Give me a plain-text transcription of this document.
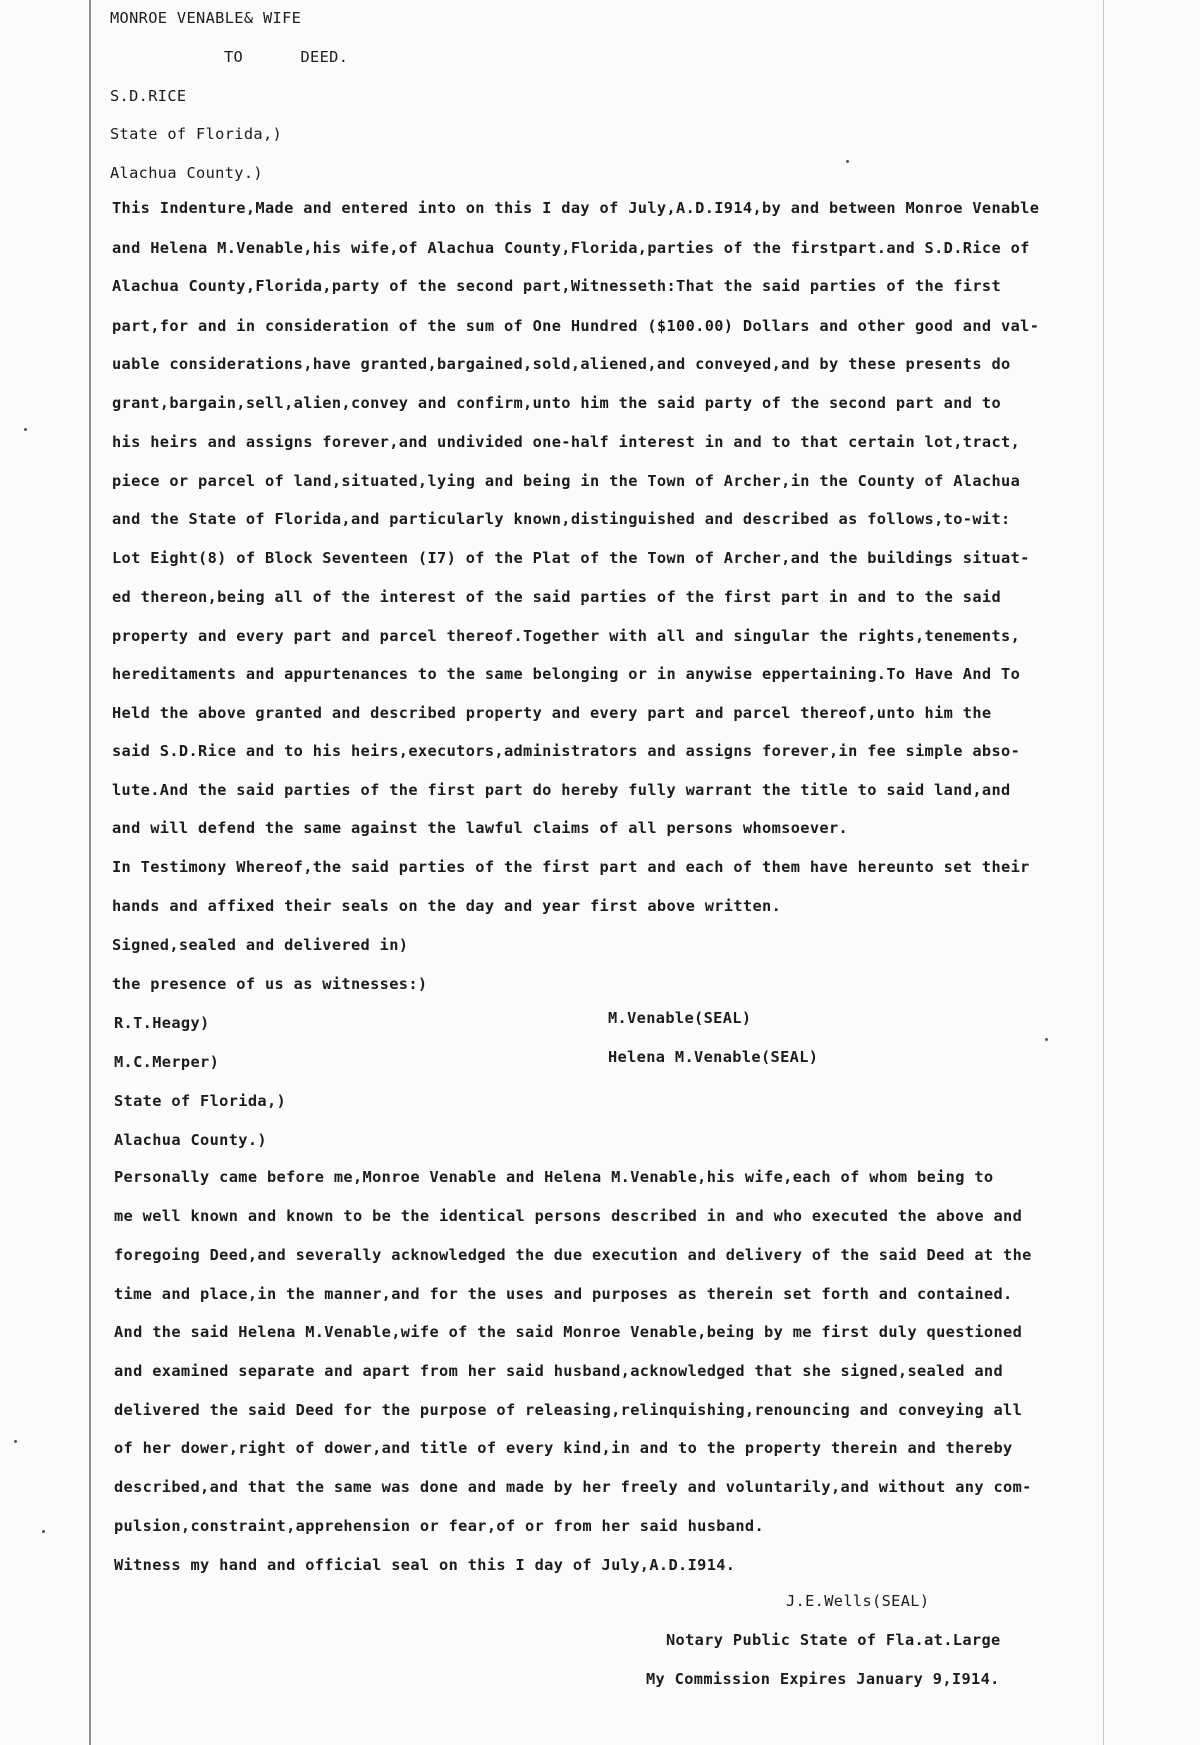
MONROE VENABLE& WIFE
TO      DEED.
S.D.RICE
State of Florida,)
Alachua County.)
This Indenture,Made and entered into on this I day of July,A.D.I914,by and between Monroe Venable
and Helena M.Venable,his wife,of Alachua County,Florida,parties of the firstpart.and S.D.Rice of
Alachua County,Florida,party of the second part,Witnesseth:That the said parties of the first
part,for and in consideration of the sum of One Hundred ($100.00) Dollars and other good and val-
uable considerations,have granted,bargained,sold,aliened,and conveyed,and by these presents do
grant,bargain,sell,alien,convey and confirm,unto him the said party of the second part and to
his heirs and assigns forever,and undivided one-half interest in and to that certain lot,tract,
piece or parcel of land,situated,lying and being in the Town of Archer,in the County of Alachua
and the State of Florida,and particularly known,distinguished and described as follows,to-wit:
Lot Eight(8) of Block Seventeen (I7) of the Plat of the Town of Archer,and the buildings situat-
ed thereon,being all of the interest of the said parties of the first part in and to the said
property and every part and parcel thereof.Together with all and singular the rights,tenements,
hereditaments and appurtenances to the same belonging or in anywise eppertaining.To Have And To
Held the above granted and described property and every part and parcel thereof,unto him the
said S.D.Rice and to his heirs,executors,administrators and assigns forever,in fee simple abso-
lute.And the said parties of the first part do hereby fully warrant the title to said land,and
and will defend the same against the lawful claims of all persons whomsoever.
In Testimony Whereof,the said parties of the first part and each of them have hereunto set their
hands and affixed their seals on the day and year first above written.
Signed,sealed and delivered in)
the presence of us as witnesses:)
R.T.Heagy)	M.Venable(SEAL)
M.C.Merper)	Helena M.Venable(SEAL)
State of Florida,)
Alachua County.)
Personally came before me,Monroe Venable and Helena M.Venable,his wife,each of whom being to
me well known and known to be the identical persons described in and who executed the above and
foregoing Deed,and severally acknowledged the due execution and delivery of the said Deed at the
time and place,in the manner,and for the uses and purposes as therein set forth and contained.
And the said Helena M.Venable,wife of the said Monroe Venable,being by me first duly questioned
and examined separate and apart from her said husband,acknowledged that she signed,sealed and
delivered the said Deed for the purpose of releasing,relinquishing,renouncing and conveying all
of her dower,right of dower,and title of every kind,in and to the property therein and thereby
described,and that the same was done and made by her freely and voluntarily,and without any com-
pulsion,constraint,apprehension or fear,of or from her said husband.
Witness my hand and official seal on this I day of July,A.D.I914.
J.E.Wells(SEAL)
Notary Public State of Fla.at.Large
My Commission Expires January 9,I914.
